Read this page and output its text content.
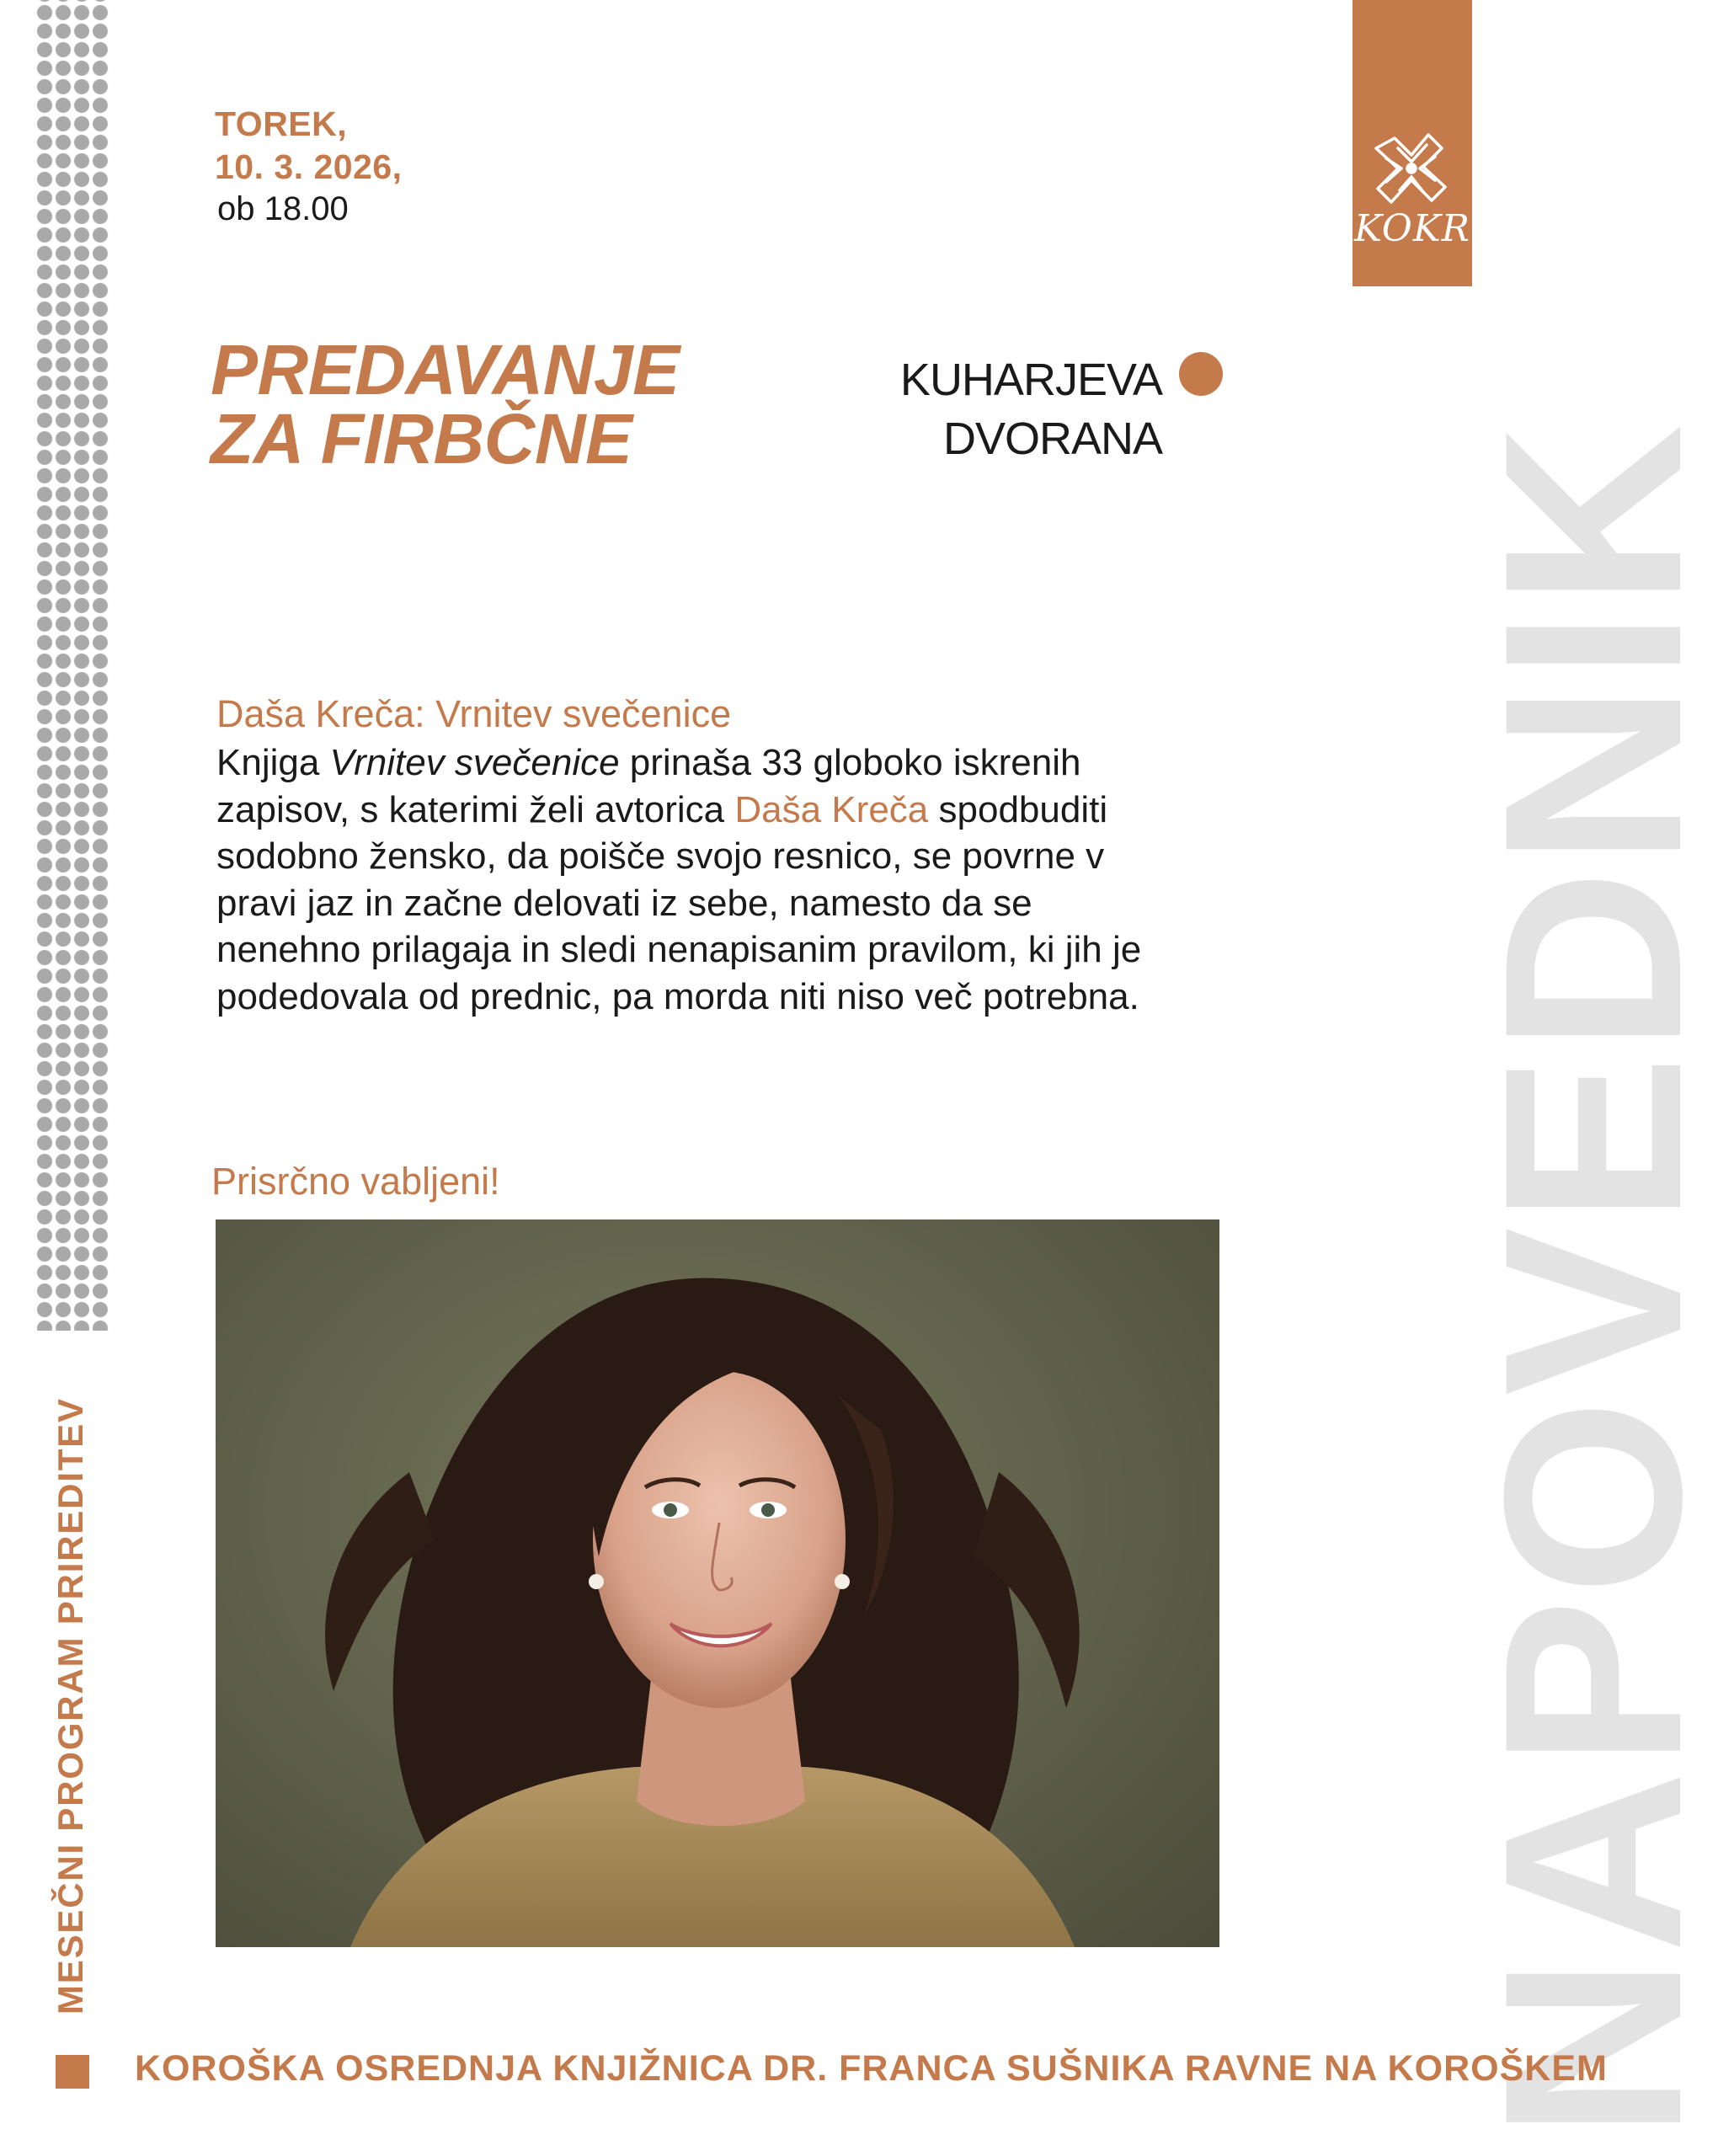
TOREK,
10. 3. 2026,
ob 18.00
PREDAVANJE
ZA FIRBČNE
KUHARJEVA
DVORANA
KOKR
NAPOVEDNIK
Daša Kreča: Vrnitev svečenice
Knjiga Vrnitev svečenice prinaša 33 globoko iskrenih zapisov, s katerimi želi avtorica Daša Kreča spodbuditi sodobno žensko, da poišče svojo resnico, se povrne v pravi jaz in začne delovati iz sebe, namesto da se nenehno prilagaja in sledi nenapisanim pravilom, ki jih je podedovala od prednic, pa morda niti niso več potrebna.
Prisrčno vabljeni!
MESEČNI PROGRAM PRIREDITEV
KOROŠKA OSREDNJA KNJIŽNICA DR. FRANCA SUŠNIKA RAVNE NA KOROŠKEM
